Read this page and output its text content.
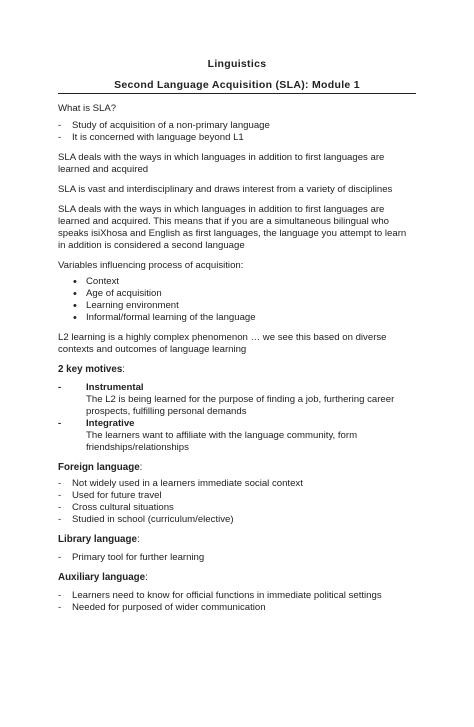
Linguistics
Second Language Acquisition (SLA): Module 1

What is SLA?

- Study of acquisition of a non-primary language
- It is concerned with language beyond L1

SLA deals with the ways in which languages in addition to first languages are learned and acquired

SLA is vast and interdisciplinary and draws interest from a variety of disciplines

SLA deals with the ways in which languages in addition to first languages are learned and acquired. This means that if you are a simultaneous bilingual who speaks isiXhosa and English as first languages, the language you attempt to learn in addition is considered a second language

Variables influencing process of acquisition:

• Context
• Age of acquisition
• Learning environment
• Informal/formal learning of the language

L2 learning is a highly complex phenomenon … we see this based on diverse contexts and outcomes of language learning

2 key motives:
-	Instrumental
The L2 is being learned for the purpose of finding a job, furthering career prospects, fulfilling personal demands
-	Integrative
The learners want to affiliate with the language community, form friendships/relationships
Foreign language:
- Not widely used in a learners immediate social context
- Used for future travel
- Cross cultural situations
- Studied in school (curriculum/elective)
Library language:
- Primary tool for further learning
Auxiliary language:
- Learners need to know for official functions in immediate political settings
- Needed for purposed of wider communication
